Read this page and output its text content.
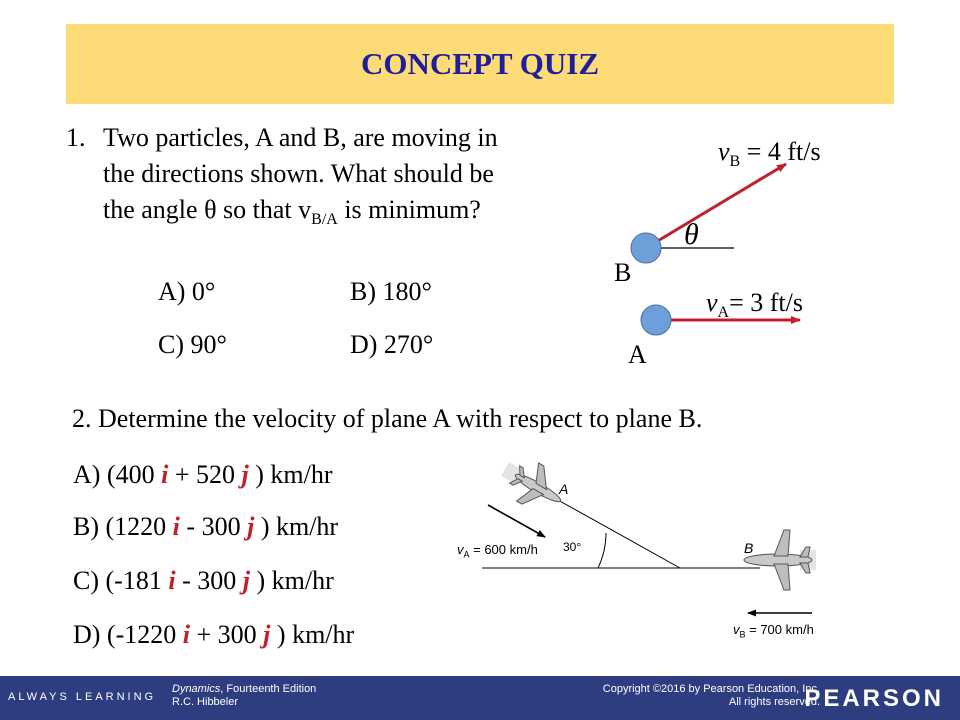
CONCEPT QUIZ
1. Two particles, A and B, are moving in
the directions shown. What should be
the angle θ so that $v_{B/A}$ is minimum?
A) 0°	B) 180°
C) 90°	D) 270°
$v_B = 4$ ft/s
θ
B
$v_A= 3$ ft/s
A
2. Determine the velocity of plane A with respect to plane B.
A) (400 i + 520 j ) km/hr
B) (1220 i - 300 j ) km/hr
C) (-181 i - 300 j ) km/hr
D) (-1220 i + 300 j ) km/hr
A
B
$v_A = 600$ km/h 30°
$v_B = 700$ km/h
ALWAYS LEARNING
Dynamics, Fourteenth Edition
R.C. Hibbeler
Copyright ©2016 by Pearson Education, Inc.
All rights reserved.
PEARSON
